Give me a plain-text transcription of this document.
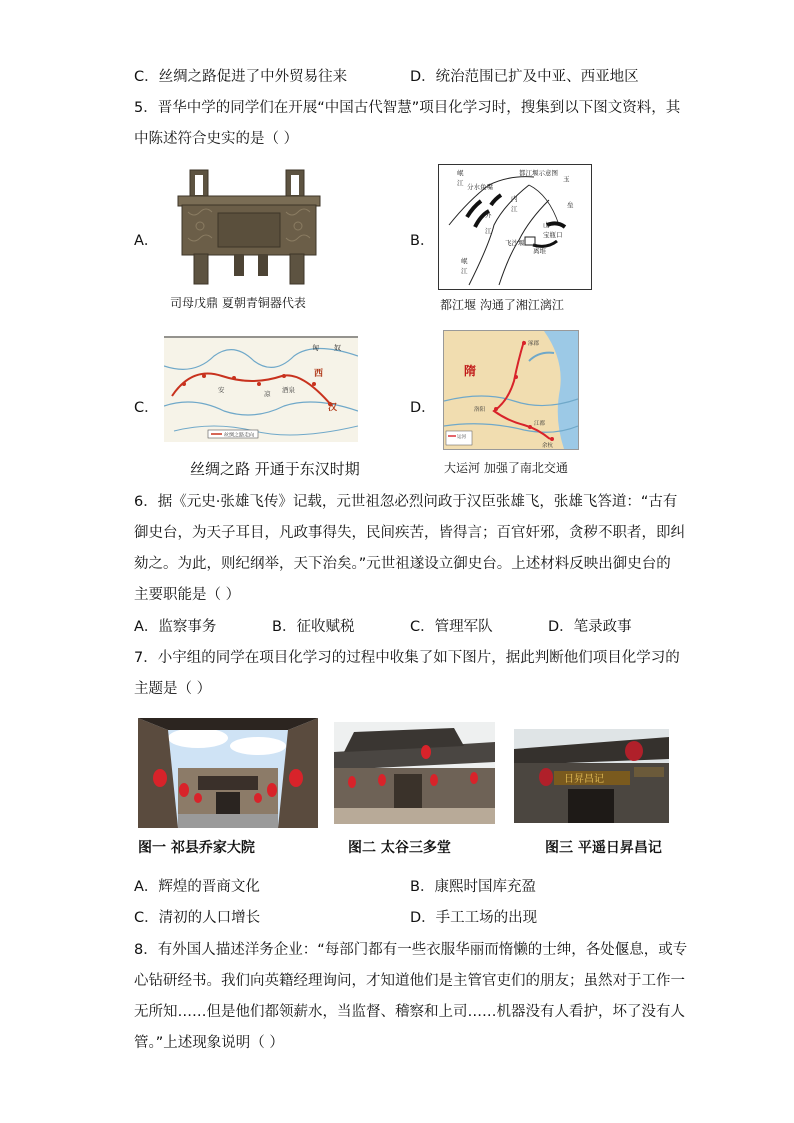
C．丝绸之路促进了中外贸易往来	D．统治范围已扩及中亚、西亚地区
5．晋华中学的同学们在开展“中国古代智慧”项目化学习时，搜集到以下图文资料，其
中陈述符合史实的是（ ）
A．
司母戊鼎 夏朝青铜器代表
B．
都江堰示意图
岷
江 分水鱼嘴
外
江
内
江
飞沙堰
离堆
宝瓶口
山
岷
江
玉
垒
都江堰 沟通了湘江漓江
C．
匈 奴
西
汉
安	凉 酒泉
丝绸之路走向
丝绸之路 开通于东汉时期
D．
隋
涿郡
洛阳
江都
余杭
运河
大运河 加强了南北交通
6．据《元史·张雄飞传》记载，元世祖忽必烈问政于汉臣张雄飞，张雄飞答道：“古有
御史台，为天子耳目，凡政事得失，民间疾苦，皆得言；百官奸邪，贪秽不职者，即纠
劾之。为此，则纪纲举，天下治矣。”元世祖遂设立御史台。上述材料反映出御史台的
主要职能是（ ）
A．监察事务	B．征收赋税	C．管理军队	D．笔录政事
7．小宇组的同学在项目化学习的过程中收集了如下图片，据此判断他们项目化学习的
主题是（ ）
日昇昌记
图一 祁县乔家大院	图二 太谷三多堂	图三 平遥日昇昌记
A．辉煌的晋商文化	B．康熙时国库充盈
C．清初的人口增长	D．手工工场的出现
8．有外国人描述洋务企业：“每部门都有一些衣服华丽而惰懒的士绅，各处偃息，或专
心钻研经书。我们向英籍经理询问，才知道他们是主管官吏们的朋友；虽然对于工作一
无所知……但是他们都领薪水，当监督、稽察和上司……机器没有人看护，坏了没有人
管。”上述现象说明（ ）
